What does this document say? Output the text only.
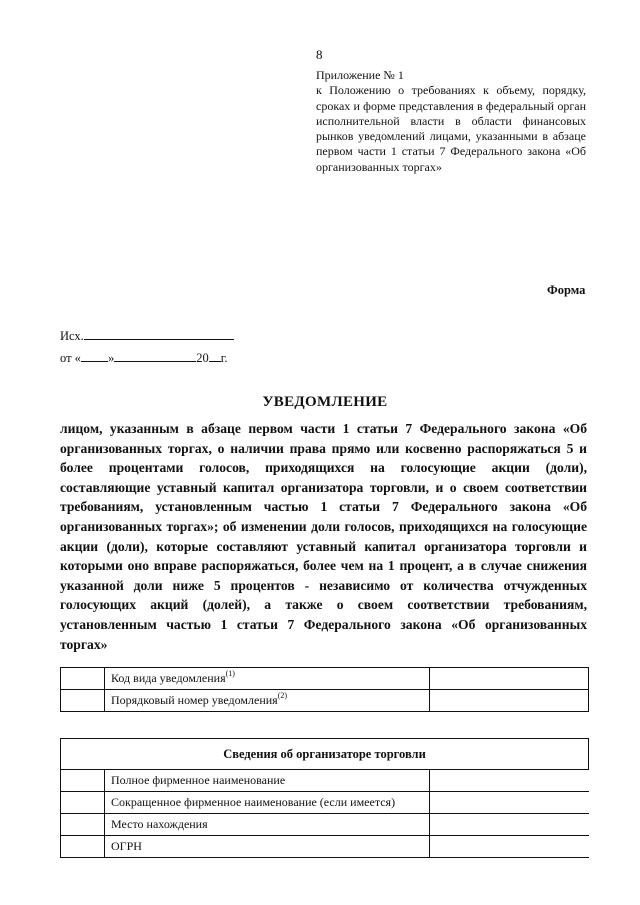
8
Приложение № 1
к Положению о требованиях к объему, порядку, сроках и форме представления в федеральный орган исполнительной власти в области финансовых рынков уведомлений лицами, указанными в абзаце первом части 1 статьи 7 Федерального закона «Об организованных торгах»
Форма
Исх.
от « »	20 г.
УВЕДОМЛЕНИЕ
лицом, указанным в абзаце первом части 1 статьи 7 Федерального закона «Об организованных торгах, о наличии права прямо или косвенно распоряжаться 5 и более процентами голосов, приходящихся на голосующие акции (доли), составляющие уставный капитал организатора торговли, и о своем соответствии требованиям, установленным частью 1 статьи 7 Федерального закона «Об организованных торгах»; об изменении доли голосов, приходящихся на голосующие акции (доли), которые составляют уставный капитал организатора торговли и которыми оно вправе распоряжаться, более чем на 1 процент, а в случае снижения указанной доли ниже 5 процентов - независимо от количества отчужденных голосующих акций (долей), а также о своем соответствии требованиям, установленным частью 1 статьи 7 Федерального закона «Об организованных торгах»
	Код вида уведомления$^{(1)}$	
	Порядковый номер уведомления$^{(2)}$	
Сведения об организаторе торговли		
	Полное фирменное наименование	
	Сокращенное фирменное наименование (если имеется)	
	Место нахождения	
	ОГРН	
